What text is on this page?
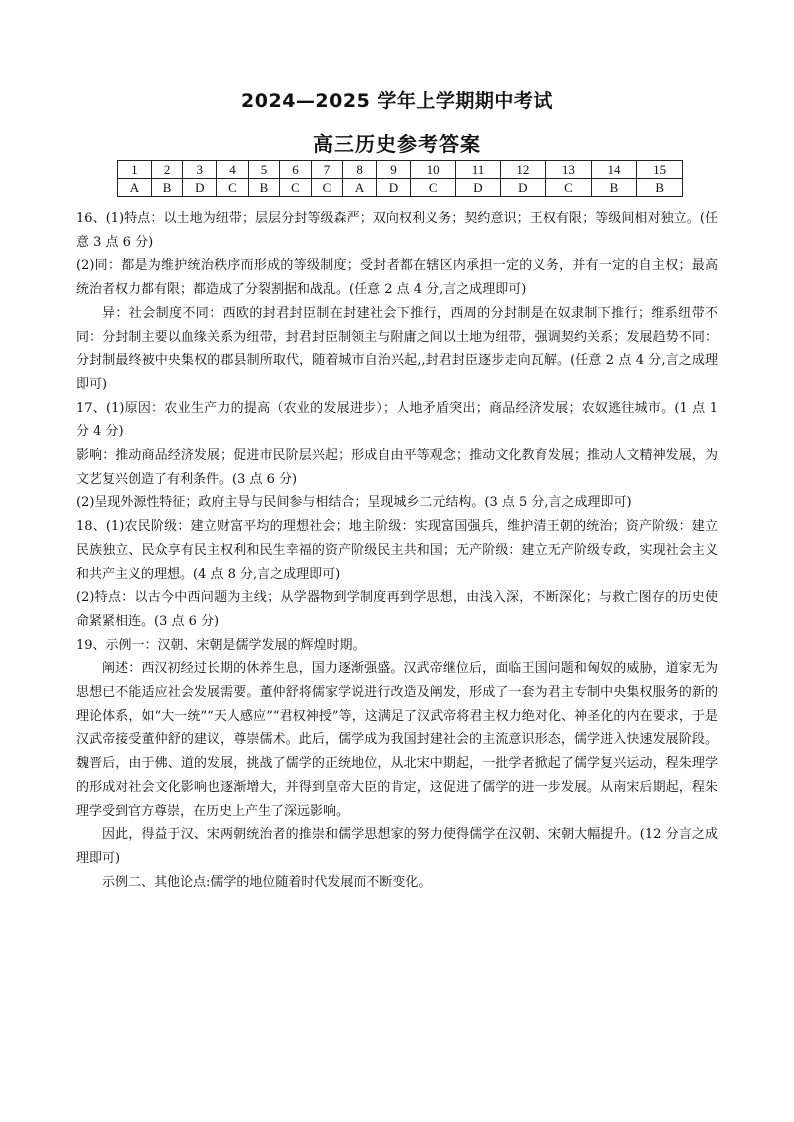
2024—2025 学年上学期期中考试
高三历史参考答案
1	2	3	4	5	6	7	8	9	10	11	12	13	14	15
A	B	D	C	B	C	C	A	D	C	D	D	C	B	B

16、(1)特点：以土地为纽带；层层分封等级森严；双向权利义务；契约意识；王权有限；等级间相对独立。(任意 3 点 6 分)

(2)同：都是为维护统治秩序而形成的等级制度；受封者都在辖区内承担一定的义务，并有一定的自主权；最高统治者权力都有限；都造成了分裂割据和战乱。(任意 2 点 4 分,言之成理即可)

异：社会制度不同：西欧的封君封臣制在封建社会下推行，西周的分封制是在奴隶制下推行；维系纽带不同：分封制主要以血缘关系为纽带，封君封臣制领主与附庸之间以土地为纽带，强调契约关系；发展趋势不同：分封制最终被中央集权的郡县制所取代，随着城市自治兴起,,封君封臣逐步走向瓦解。(任意 2 点 4 分,言之成理即可)

17、(1)原因：农业生产力的提高（农业的发展进步）；人地矛盾突出；商品经济发展；农奴逃往城市。(1 点 1 分 4 分)

影响：推动商品经济发展；促进市民阶层兴起；形成自由平等观念；推动文化教育发展；推动人文精神发展，为文艺复兴创造了有利条件。(3 点 6 分)

(2)呈现外源性特征；政府主导与民间参与相结合；呈现城乡二元结构。(3 点 5 分,言之成理即可)

18、(1)农民阶级：建立财富平均的理想社会；地主阶级：实现富国强兵，维护清王朝的统治；资产阶级：建立民族独立、民众享有民主权利和民生幸福的资产阶级民主共和国；无产阶级：建立无产阶级专政，实现社会主义和共产主义的理想。(4 点 8 分,言之成理即可)

(2)特点：以古今中西问题为主线；从学器物到学制度再到学思想，由浅入深，不断深化；与救亡图存的历史使命紧紧相连。(3 点 6 分)

19、示例一：汉朝、宋朝是儒学发展的辉煌时期。

阐述：西汉初经过长期的休养生息，国力逐渐强盛。汉武帝继位后，面临王国问题和匈奴的威胁，道家无为思想已不能适应社会发展需要。董仲舒将儒家学说进行改造及阐发，形成了一套为君主专制中央集权服务的新的理论体系，如“大一统”“天人感应”“君权神授”等，这满足了汉武帝将君主权力绝对化、神圣化的内在要求，于是汉武帝接受董仲舒的建议，尊崇儒术。此后，儒学成为我国封建社会的主流意识形态，儒学进入快速发展阶段。魏晋后，由于佛、道的发展，挑战了儒学的正统地位，从北宋中期起，一批学者掀起了儒学复兴运动，程朱理学的形成对社会文化影响也逐渐增大，并得到皇帝大臣的肯定，这促进了儒学的进一步发展。从南宋后期起，程朱理学受到官方尊崇，在历史上产生了深远影响。

因此，得益于汉、宋两朝统治者的推崇和儒学思想家的努力使得儒学在汉朝、宋朝大幅提升。(12 分言之成理即可)

示例二、其他论点:儒学的地位随着时代发展而不断变化。
